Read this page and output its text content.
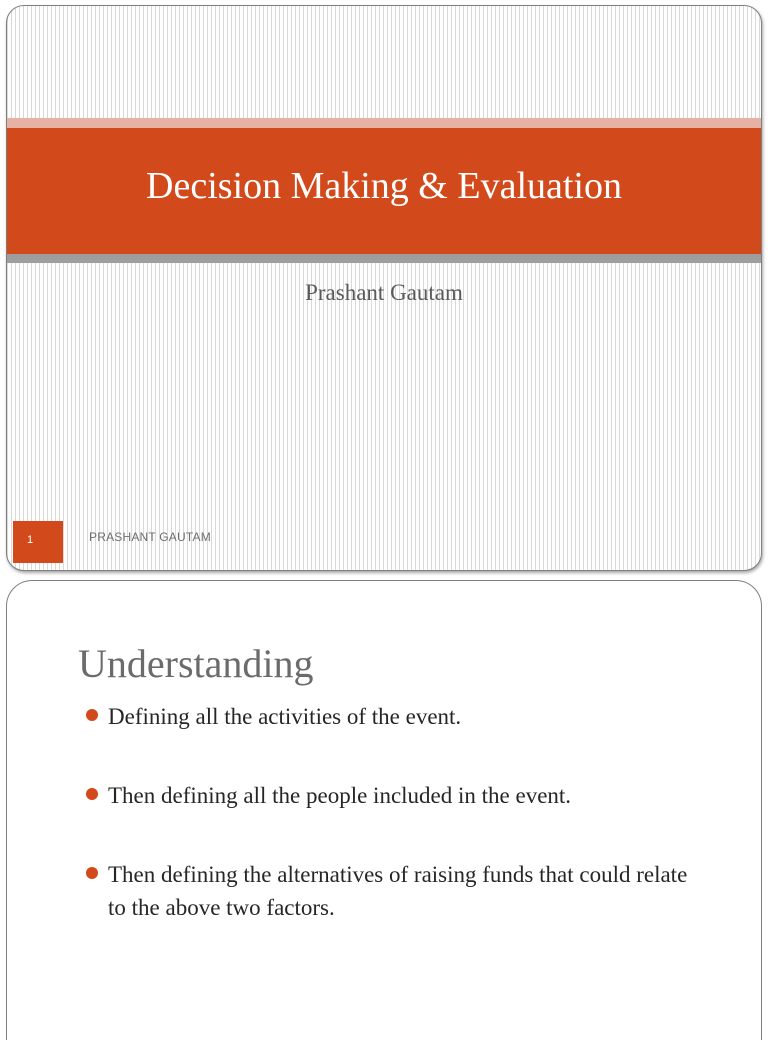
Decision Making & Evaluation
Prashant Gautam
1	PRASHANT GAUTAM
Understanding
Defining all the activities of the event.
Then defining all the people included in the event.
Then defining the alternatives of raising funds that could relate to the above two factors.
